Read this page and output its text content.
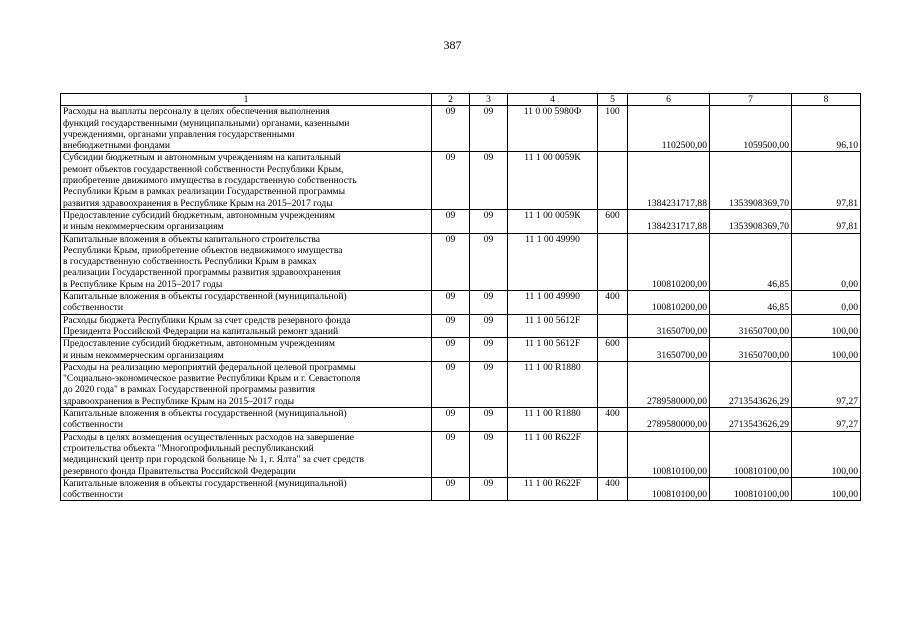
387
1	2	3	4	5	6	7	8
Расходы на выплаты персоналу в целях обеспечения выполнения
функций государственными (муниципальными) органами, казенными
учреждениями, органами управления государственными
внебюджетными фондами	09	09	11 0 00 5980Ф	100	1102500,00	1059500,00	96,10
Субсидии бюджетным и автономным учреждениям на капитальный
ремонт объектов государственной собственности Республики Крым,
приобретение движимого имущества в государственную собственность
Республики Крым в рамках реализации Государственной программы
развития здравоохранения в Республике Крым на 2015–2017 годы	09	09	11 1 00 0059К		1384231717,88	1353908369,70	97,81
Предоставление субсидий бюджетным, автономным учреждениям
и иным некоммерческим организациям	09	09	11 1 00 0059К	600	1384231717,88	1353908369,70	97,81
Капитальные вложения в объекты капитального строительства
Республики Крым, приобретение объектов недвижимого имущества
в государственную собственность Республики Крым в рамках
реализации Государственной программы развития здравоохранения
в Республике Крым на 2015–2017 годы	09	09	11 1 00 49990		100810200,00	46,85	0,00
Капитальные вложения в объекты государственной (муниципальной)
собственности	09	09	11 1 00 49990	400	100810200,00	46,85	0,00
Расходы бюджета Республики Крым за счет средств резервного фонда
Президента Российской Федерации на капитальный ремонт зданий	09	09	11 1 00 5612F		31650700,00	31650700,00	100,00
Предоставление субсидий бюджетным, автономным учреждениям
и иным некоммерческим организациям	09	09	11 1 00 5612F	600	31650700,00	31650700,00	100,00
Расходы на реализацию мероприятий федеральной целевой программы
"Социально-экономическое развитие Республики Крым и г. Севастополя
до 2020 года" в рамках Государственной программы развития
здравоохранения в Республике Крым на 2015–2017 годы	09	09	11 1 00 R1880		2789580000,00	2713543626,29	97,27
Капитальные вложения в объекты государственной (муниципальной)
собственности	09	09	11 1 00 R1880	400	2789580000,00	2713543626,29	97,27
Расходы в целях возмещения осуществленных расходов на завершение
строительства объекта "Многопрофильный республиканский
медицинский центр при городской больнице № 1, г. Ялта" за счет средств
резервного фонда Правительства Российской Федерации	09	09	11 1 00 R622F		100810100,00	100810100,00	100,00
Капитальные вложения в объекты государственной (муниципальной)
собственности	09	09	11 1 00 R622F	400	100810100,00	100810100,00	100,00
